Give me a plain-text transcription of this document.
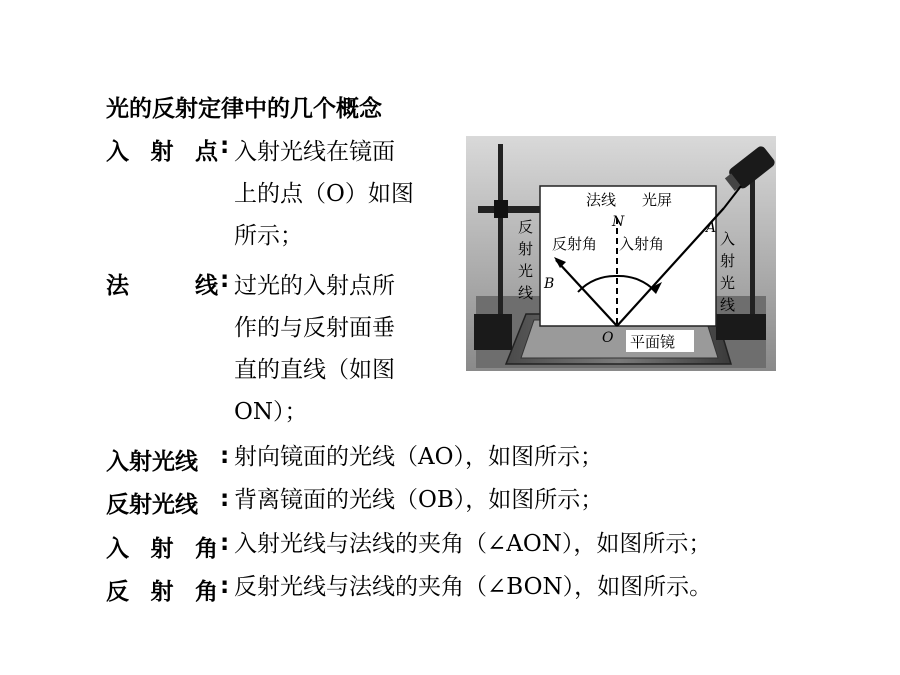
光的反射定律中的几个概念
入 射 点 : 入射光线在镜面
上的点（O）如图
所示；
法	线 : 过光的入射点所
作的与反射面垂
直的直线（如图
ON）；
入射光线 : 射向镜面的光线（AO），如图所示；
反射光线 : 背离镜面的光线（OB），如图所示；
入 射 角 : 入射光线与法线的夹角（∠AON），如图所示；
反 射 角 : 反射光线与法线的夹角（∠BON），如图所示。
法线 光屏
N
反射角 入射角
反
射
光
线 B
A
入
射
光
线
O 平面镜
